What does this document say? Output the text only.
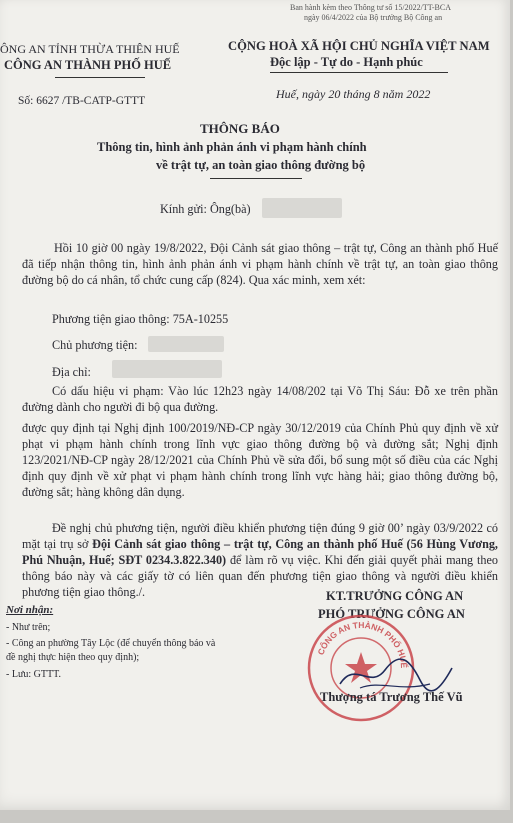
Ban hành kèm theo Thông tư số 15/2022/TT-BCA
ngày 06/4/2022 của Bộ trưởng Bộ Công an
ÔNG AN TỈNH THỪA THIÊN HUẾ
CÔNG AN THÀNH PHỐ HUẾ
CỘNG HOÀ XÃ HỘI CHỦ NGHĨA VIỆT NAM
Độc lập - Tự do - Hạnh phúc
Số: 6627 /TB-CATP-GTTT	Huế, ngày 20 tháng 8 năm 2022
THÔNG BÁO
Thông tin, hình ảnh phản ánh vi phạm hành chính
về trật tự, an toàn giao thông đường bộ
Kính gửi: Ông(bà)
Hồi 10 giờ 00 ngày 19/8/2022, Đội Cảnh sát giao thông – trật tự, Công an thành phố Huế đã tiếp nhận thông tin, hình ảnh phản ánh vi phạm hành chính về trật tự, an toàn giao thông đường bộ do cá nhân, tổ chức cung cấp (824). Qua xác minh, xem xét:
Phương tiện giao thông: 75A-10255
Chủ phương tiện:
Địa chỉ:
Có dấu hiệu vi phạm: Vào lúc 12h23 ngày 14/08/202 tại Võ Thị Sáu: Đỗ xe trên phần đường dành cho người đi bộ qua đường.
được quy định tại Nghị định 100/2019/NĐ-CP ngày 30/12/2019 của Chính Phủ quy định về xử phạt vi phạm hành chính trong lĩnh vực giao thông đường bộ và đường sắt; Nghị định 123/2021/NĐ-CP ngày 28/12/2021 của Chính Phủ về sửa đổi, bổ sung một số điều của các Nghị định quy định về xử phạt vi phạm hành chính trong lĩnh vực hàng hải; giao thông đường bộ, đường sắt; hàng không dân dụng.
Đề nghị chủ phương tiện, người điều khiển phương tiện đúng 9 giờ 00’ ngày 03/9/2022 có mặt tại trụ sở Đội Cảnh sát giao thông – trật tự, Công an thành phố Huế (56 Hùng Vương, Phú Nhuận, Huế; SĐT 0234.3.822.340) để làm rõ vụ việc. Khi đến giải quyết phải mang theo thông báo này và các giấy tờ có liên quan đến phương tiện giao thông và người điều khiển phương tiện giao thông./.
Nơi nhận:
- Như trên;
- Công an phường Tây Lộc (để chuyển thông báo và
đề nghị thực hiện theo quy định);
- Lưu: GTTT.
KT.TRƯỞNG CÔNG AN
PHÓ TRƯỞNG CÔNG AN
CÔNG AN THÀNH PHỐ HUẾ
Thượng tá Trương Thế Vũ
